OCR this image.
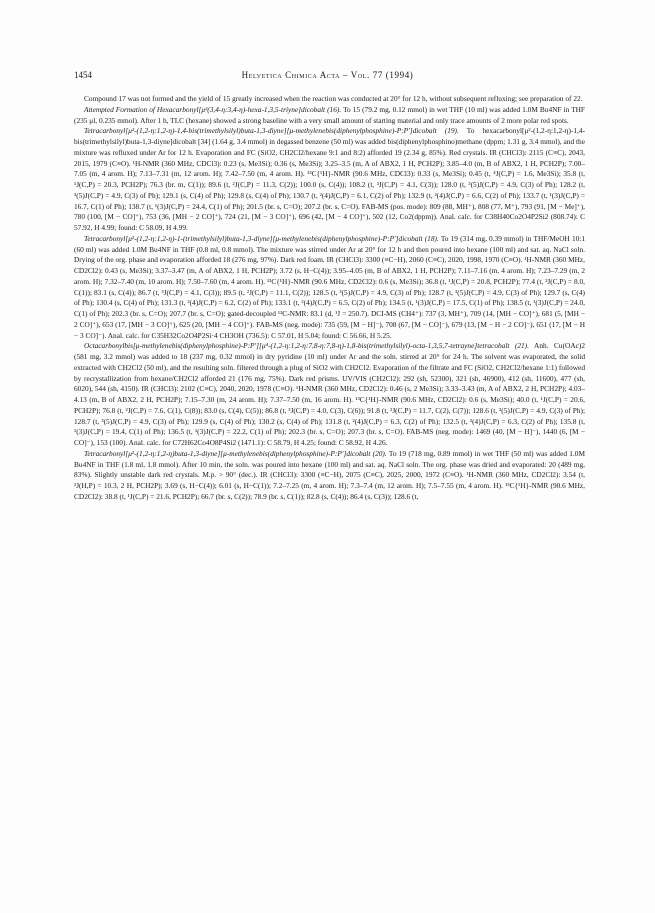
1454	Helvetica Chimica Acta – Vol. 77 (1994)

Compound 17 was not formed and the yield of 15 greatly increased when the reaction was conducted at 20° for 12 h, without subsequent refluxing; see preparation of 22.

Attempted Formation of Hexacarbonyl[μ²(3,4-η:3,4-η)-hexa-1,3,5-triyne]dicobalt (16). To 15 (79.2 mg, 0.12 mmol) in wet THF (10 ml) was added 1.0M Bu4NF in THF (235 μl, 0.235 mmol). After 1 h, TLC (hexane) showed a strong baseline with a very small amount of starting material and only trace amounts of 2 more polar red spots.

Tetracarbonyl[μ²-(1,2-η:1,2-η)-1,4-bis(trimethylsilyl)buta-1,3-diyne][μ-methylenebis(diphenylphosphine)-P:P′]dicobalt (19). To hexacarbonyl[μ²-(1,2-η:1,2-η)-1,4-bis(trimethylsilyl)buta-1,3-diyne]dicobalt [34] (1.64 g, 3.4 mmol) in degassed benzene (50 ml) was added bis(diphenylphosphino)methane (dppm; 1.31 g, 3.4 mmol), and the mixture was refluxed under Ar for 12 h. Evaporation and FC (SiO2, CH2Cl2/hexane 9:1 and 8:2) afforded 19 (2.34 g, 85%). Red crystals. IR (CHCl3): 2115 (C≡C), 2043, 2015, 1979 (C≡O). ¹H-NMR (360 MHz, CDCl3): 0.23 (s, Me3Si); 0.36 (s, Me3Si); 3.25–3.5 (m, A of ABX2, 1 H, PCH2P); 3.85–4.0 (m, B of ABX2, 1 H, PCH2P); 7.00–7.05 (m, 4 arom. H); 7.13–7.31 (m, 12 arom. H); 7.42–7.50 (m, 4 arom. H). ¹³C{¹H}-NMR (90.6 MHz, CDCl3): 0.33 (s, Me3Si); 0.45 (t, ⁴J(C,P) = 1.6, Me3Si); 35.8 (t, ¹J(C,P) = 20.3, PCH2P); 76.3 (br. m, C(1)); 89.6 (t, ²J(C,P) = 11.3, C(2)); 100.0 (s, C(4)); 108.2 (t, ³J(C,P) = 4.1, C(3)); 128.0 (t, ³(5)J(C,P) = 4.9, C(3) of Ph); 128.2 (t, ³(5)J(C,P) = 4.9, C(3) of Ph); 129.1 (s, C(4) of Ph); 129.8 (s, C(4) of Ph); 130.7 (t, ²(4)J(C,P) = 6.1, C(2) of Ph); 132.9 (t, ²(4)J(C,P) = 6.6, C(2) of Ph); 133.7 (t, ¹(3)J(C,P) = 16.7, C(1) of Ph); 138.7 (t, ¹(3)J(C,P) = 24.4, C(1) of Ph); 201.5 (br. s, C=O); 207.2 (br. s, C=O). FAB-MS (pos. mode): 809 (88, MH⁺), 808 (77, M⁺), 793 (91, [M − Me]⁺), 780 (100, [M − CO]⁺), 753 (36, [MH − 2 CO]⁺), 724 (21, [M − 3 CO]⁺), 696 (42, [M − 4 CO]⁺), 502 (12, Co2(dppm)). Anal. calc. for C38H40Co2O4P2Si2 (808.74): C 57.92, H 4.99; found: C 58.09, H 4.99.

Tetracarbonyl[μ²-(1,2-η:1,2-η)-1-(trimethylsilyl)buta-1,3-diyne][μ-methylenebis(diphenylphosphine)-P:P′]dicobalt (18). To 19 (314 mg, 0.39 mmol) in THF/MeOH 10:1 (60 ml) was added 1.0M Bu4NF in THF (0.8 ml, 0.8 mmol). The mixture was stirred under Ar at 20° for 12 h and then poured into hexane (100 ml) and sat. aq. NaCl soln. Drying of the org. phase and evaporation afforded 18 (276 mg, 97%). Dark red foam. IR (CHCl3): 3300 (≡C−H), 2060 (C≡C), 2020, 1998, 1970 (C≡O). ¹H-NMR (360 MHz, CD2Cl2): 0.43 (s, Me3Si); 3.37–3.47 (m, A of ABX2, 1 H, PCH2P); 3.72 (s, H−C(4)); 3.95–4.05 (m, B of ABX2, 1 H, PCH2P); 7.11–7.16 (m, 4 arom. H); 7.23–7.29 (m, 2 arom. H); 7.32–7.40 (m, 10 arom. H); 7.50–7.60 (m, 4 arom. H). ¹³C{¹H}-NMR (90.6 MHz, CD2Cl2): 0.6 (s, Me3Si); 36.8 (t, ¹J(C,P) = 20.8, PCH2P); 77.4 (t, ²J(C,P) = 8.0, C(1)); 83.1 (s, C(4)); 86.7 (t, ³J(C,P) = 4.1, C(3)); 89.5 (t, ²J(C,P) = 11.1, C(2)); 128.5 (t, ³(5)J(C,P) = 4.9, C(3) of Ph); 128.7 (t, ³(5)J(C,P) = 4.9, C(3) of Ph); 129.7 (s, C(4) of Ph); 130.4 (s, C(4) of Ph); 131.3 (t, ²(4)J(C,P) = 6.2, C(2) of Ph); 133.1 (t, ²(4)J(C,P) = 6.5, C(2) of Ph); 134.5 (t, ¹(3)J(C,P) = 17.5, C(1) of Ph); 138.5 (t, ¹(3)J(C,P) = 24.0, C(1) of Ph); 202.3 (br. s, C=O); 207.7 (br. s, C=O); gated-decoupled ¹³C-NMR: 83.1 (d, ¹J = 250.7). DCI-MS (CH4⁺): 737 (3, MH⁺), 709 (14, [MH − CO]⁺), 681 (5, [MH − 2 CO]⁺), 653 (17, [MH − 3 CO]⁺), 625 (20, [MH − 4 CO]⁺). FAB-MS (neg. mode): 735 (59, [M − H]⁻), 708 (67, [M − CO]⁻), 679 (13, [M − H − 2 CO]⁻), 651 (17, [M − H − 3 CO]⁻). Anal. calc. for C35H32Co2O4P2Si·4 CH3OH (736.5): C 57.01, H 5.04; found: C 56.66, H 5.25.

Octacarbonylbis[μ-methylenebis(diphenylphosphine)-P:P′][μ⁴-(1,2-η:1,2-η:7,8-η:7,8-η)-1,8-bis(trimethylsilyl)-octa-1,3,5,7-tetrayne]tetracobalt (21). Anh. Cu(OAc)2 (581 mg, 3.2 mmol) was added to 18 (237 mg, 0.32 mmol) in dry pyridine (10 ml) under Ar and the soln. stirred at 20° for 24 h. The solvent was evaporated, the solid extracted with CH2Cl2 (50 ml), and the resulting soln. filtered through a plug of SiO2 with CH2Cl2. Evaporation of the filtrate and FC (SiO2, CH2Cl2/hexane 1:1) followed by recrystallization from hexane/CH2Cl2 afforded 21 (176 mg, 75%). Dark red prisms. UV/VIS (CH2Cl2): 292 (sh, 52300), 321 (sh, 46900), 412 (sh, 11600), 477 (sh, 6020), 544 (sh, 4150). IR (CHCl3): 2102 (C≡C), 2040, 2020, 1978 (C≡O). ¹H-NMR (360 MHz, CD2Cl2): 0.46 (s, 2 Me3Si); 3.33–3.43 (m, A of ABX2, 2 H, PCH2P); 4.03–4.13 (m, B of ABX2, 2 H, PCH2P); 7.15–7.30 (m, 24 arom. H); 7.37–7.50 (m, 16 arom. H). ¹³C{¹H}-NMR (90.6 MHz, CD2Cl2): 0.6 (s, Me3Si); 40.0 (t, ¹J(C,P) = 20.6, PCH2P); 76.8 (t, ²J(C,P) = 7.6, C(1), C(8)); 83.0 (s, C(4), C(5)); 86.8 (t, ³J(C,P) = 4.0, C(3), C(6)); 91.8 (t, ²J(C,P) = 11.7, C(2), C(7)); 128.6 (t, ³(5)J(C,P) = 4.9, C(3) of Ph); 128.7 (t, ³(5)J(C,P) = 4.9, C(3) of Ph); 129.9 (s, C(4) of Ph); 130.2 (s, C(4) of Ph); 131.8 (t, ²(4)J(C,P) = 6.3, C(2) of Ph); 132.5 (t, ²(4)J(C,P) = 6.3, C(2) of Ph); 135.8 (t, ¹(3)J(C,P) = 19.4, C(1) of Ph); 136.5 (t, ¹(3)J(C,P) = 22.2, C(1) of Ph); 202.3 (br. s, C=O); 207.3 (br. s, C=O). FAB-MS (neg. mode): 1469 (40, [M − H]⁻), 1440 (6, [M − CO]⁻), 153 (100). Anal. calc. for C72H62Co4O8P4Si2 (1471.1): C 58.79, H 4.25; found: C 58.92, H 4.26.

Tetracarbonyl[μ²-(1,2-η:1,2-η)buta-1,3-diyne][μ-methylenebis(diphenylphosphine)-P:P′]dicobalt (20). To 19 (718 mg, 0.89 mmol) in wet THF (50 ml) was added 1.0M Bu4NF in THF (1.8 ml, 1.8 mmol). After 10 min, the soln. was poured into hexane (100 ml) and sat. aq. NaCl soln. The org. phase was dried and evaporated: 20 (489 mg, 83%). Slightly unstable dark red crystals. M.p. > 90° (dec.). IR (CHCl3): 3300 (≡C−H), 2075 (C≡C), 2025, 2000, 1972 (C≡O). ¹H-NMR (360 MHz, CD2Cl2): 3.54 (t, ²J(H,P) = 10.3, 2 H, PCH2P); 3.69 (s, H−C(4)); 6.01 (s, H−C(1)); 7.2–7.25 (m, 4 arom. H); 7.3–7.4 (m, 12 arom. H); 7.5–7.55 (m, 4 arom. H). ¹³C{¹H}-NMR (90.6 MHz, CD2Cl2): 38.8 (t, ¹J(C,P) = 21.6, PCH2P); 66.7 (br. s, C(2)); 78.9 (br. s, C(1)); 82.8 (s, C(4)); 86.4 (s, C(3)); 128.6 (t,
